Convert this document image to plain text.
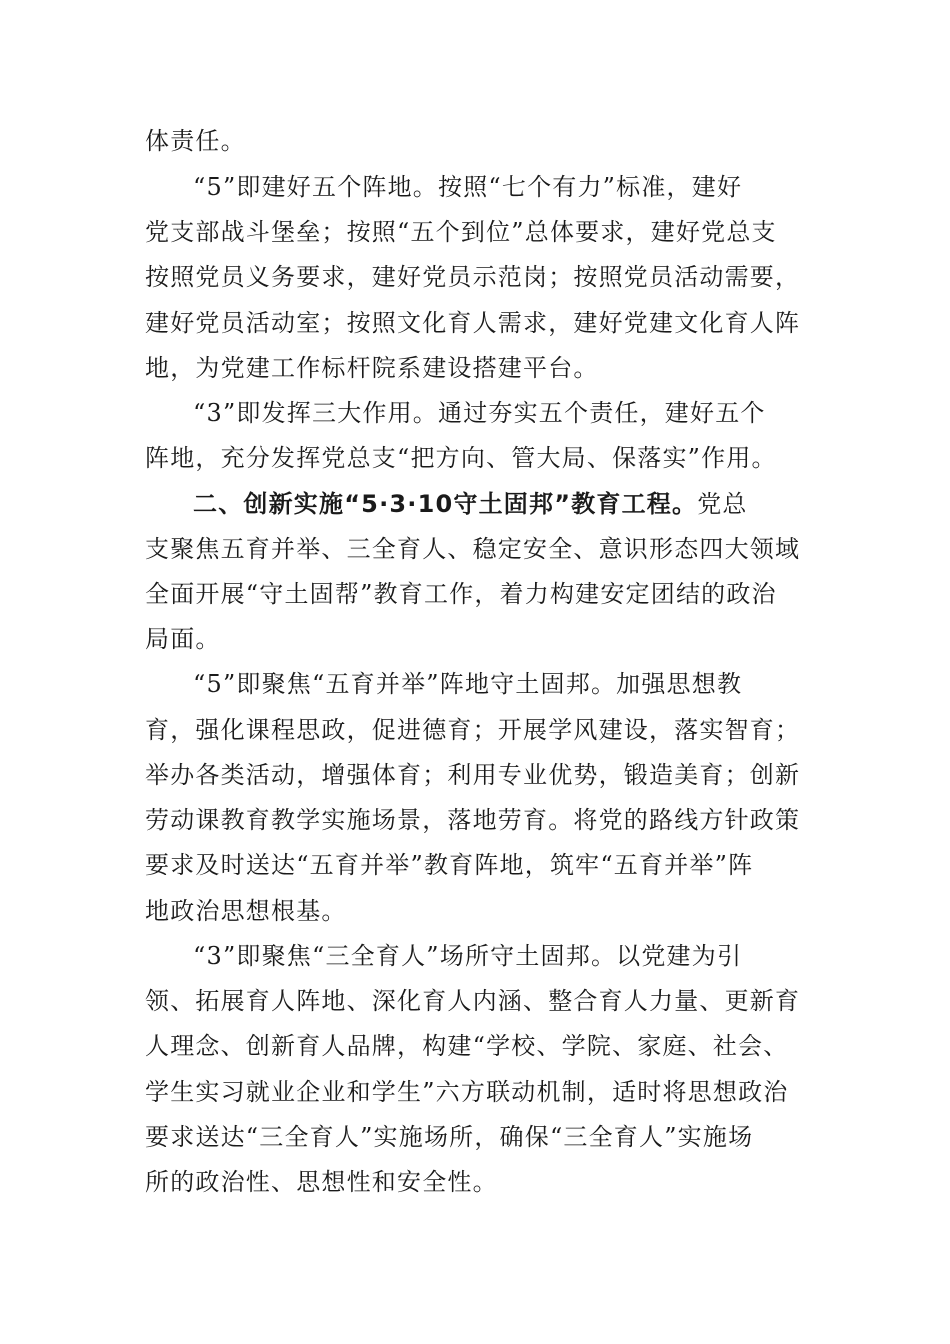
体责任。
“5”即建好五个阵地。按照“七个有力”标准，建好
党支部战斗堡垒；按照“五个到位”总体要求，建好党总支
按照党员义务要求，建好党员示范岗；按照党员活动需要，
建好党员活动室；按照文化育人需求，建好党建文化育人阵
地，为党建工作标杆院系建设搭建平台。
“3”即发挥三大作用。通过夯实五个责任，建好五个
阵地，充分发挥党总支“把方向、管大局、保落实”作用。
二、创新实施“5·3·10守土固邦”教育工程。党总
支聚焦五育并举、三全育人、稳定安全、意识形态四大领域
全面开展“守土固帮”教育工作，着力构建安定团结的政治
局面。
“5”即聚焦“五育并举”阵地守土固邦。加强思想教
育，强化课程思政，促进德育；开展学风建设，落实智育；
举办各类活动，增强体育；利用专业优势，锻造美育；创新
劳动课教育教学实施场景，落地劳育。将党的路线方针政策
要求及时送达“五育并举”教育阵地，筑牢“五育并举”阵
地政治思想根基。
“3”即聚焦“三全育人”场所守土固邦。以党建为引
领、拓展育人阵地、深化育人内涵、整合育人力量、更新育
人理念、创新育人品牌，构建“学校、学院、家庭、社会、
学生实习就业企业和学生”六方联动机制，适时将思想政治
要求送达“三全育人”实施场所，确保“三全育人”实施场
所的政治性、思想性和安全性。
